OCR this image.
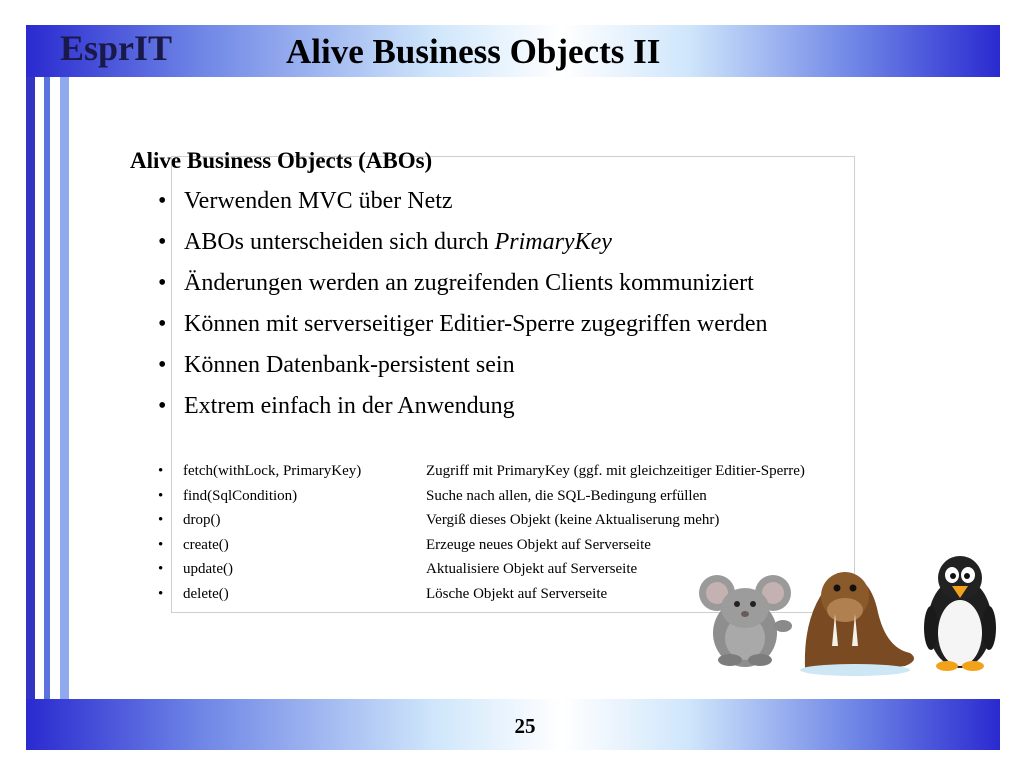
EsprIT	Alive Business Objects II
Alive Business Objects (ABOs)
• Verwenden MVC über Netz
• ABOs unterscheiden sich durch PrimaryKey
• Änderungen werden an zugreifenden Clients kommuniziert
• Können mit serverseitiger Editier-Sperre zugegriffen werden
• Können Datenbank-persistent sein
• Extrem einfach in der Anwendung
• fetch(withLock, PrimaryKey)	Zugriff mit PrimaryKey (ggf. mit gleichzeitiger Editier-Sperre)
• find(SqlCondition)	Suche nach allen, die SQL-Bedingung erfüllen
• drop()	Vergiß dieses Objekt (keine Aktualiserung mehr)
• create()	Erzeuge neues Objekt auf Serverseite
• update()	Aktualisiere Objekt auf Serverseite
• delete()	Lösche Objekt auf Serverseite
25
